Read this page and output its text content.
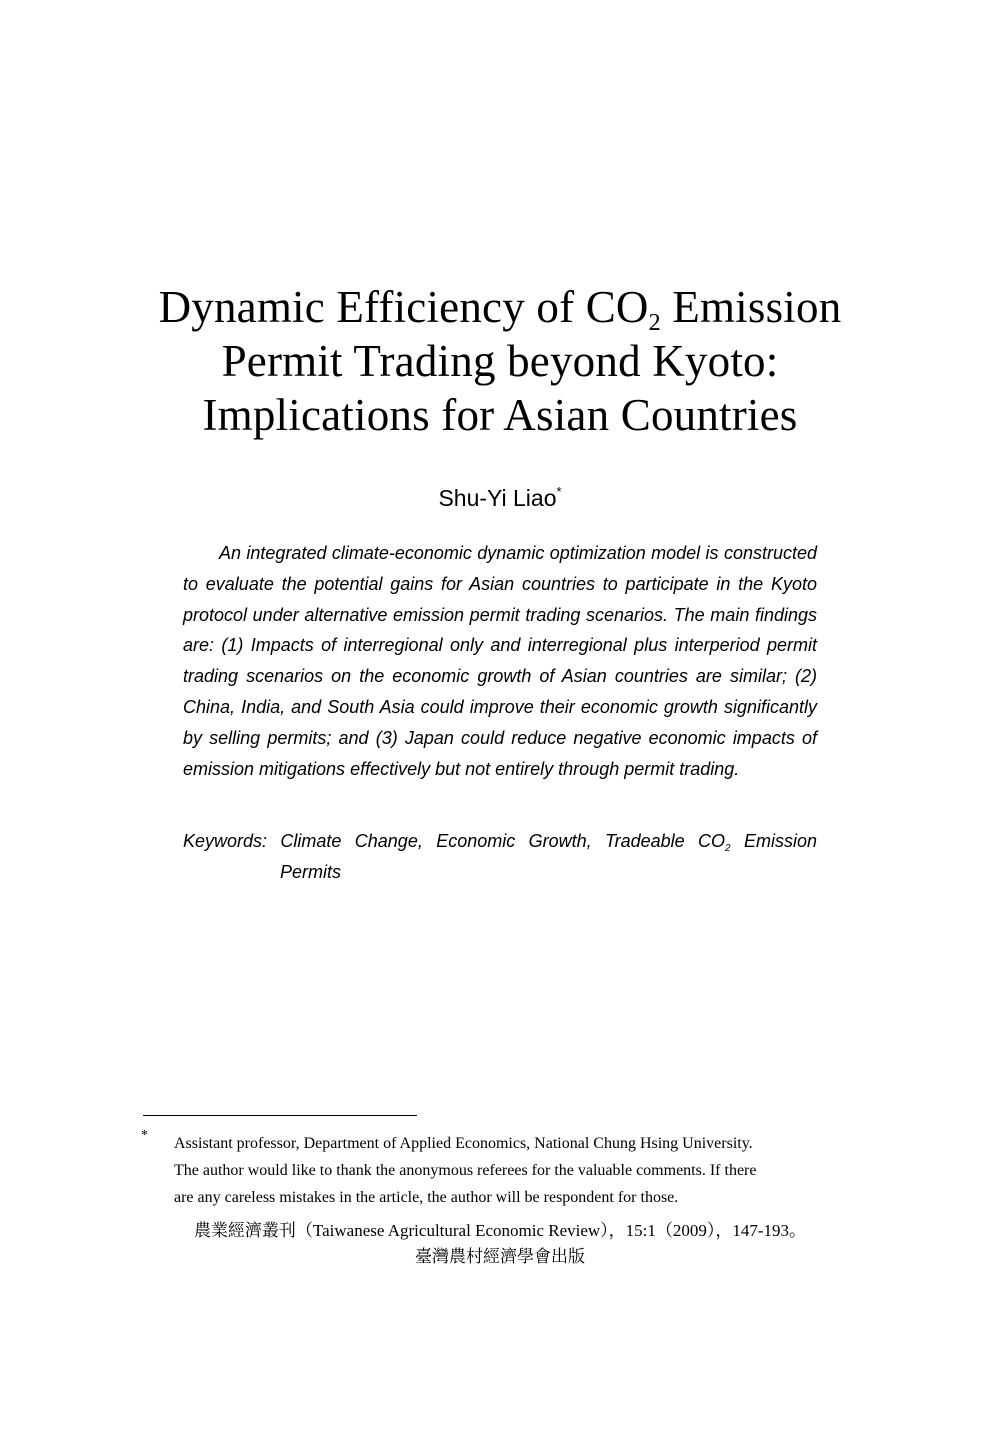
Dynamic Efficiency of $CO_2$ Emission
Permit Trading beyond Kyoto:
Implications for Asian Countries
Shu-Yi Liao*

An integrated climate-economic dynamic optimization model is constructed to evaluate the potential gains for Asian countries to participate in the Kyoto protocol under alternative emission permit trading scenarios. The main findings are: (1) Impacts of interregional only and interregional plus interperiod permit trading scenarios on the economic growth of Asian countries are similar; (2) China, India, and South Asia could improve their economic growth significantly by selling permits; and (3) Japan could reduce negative economic impacts of emission mitigations effectively but not entirely through permit trading.

Keywords: Climate Change, Economic Growth, Tradeable $CO_2$ Emission Permits

* Assistant professor, Department of Applied Economics, National Chung Hsing University.
The author would like to thank the anonymous referees for the valuable comments. If there
are any careless mistakes in the article, the author will be respondent for those.
農業經濟叢刊（Taiwanese Agricultural Economic Review），15:1（2009），147-193。
臺灣農村經濟學會出版
